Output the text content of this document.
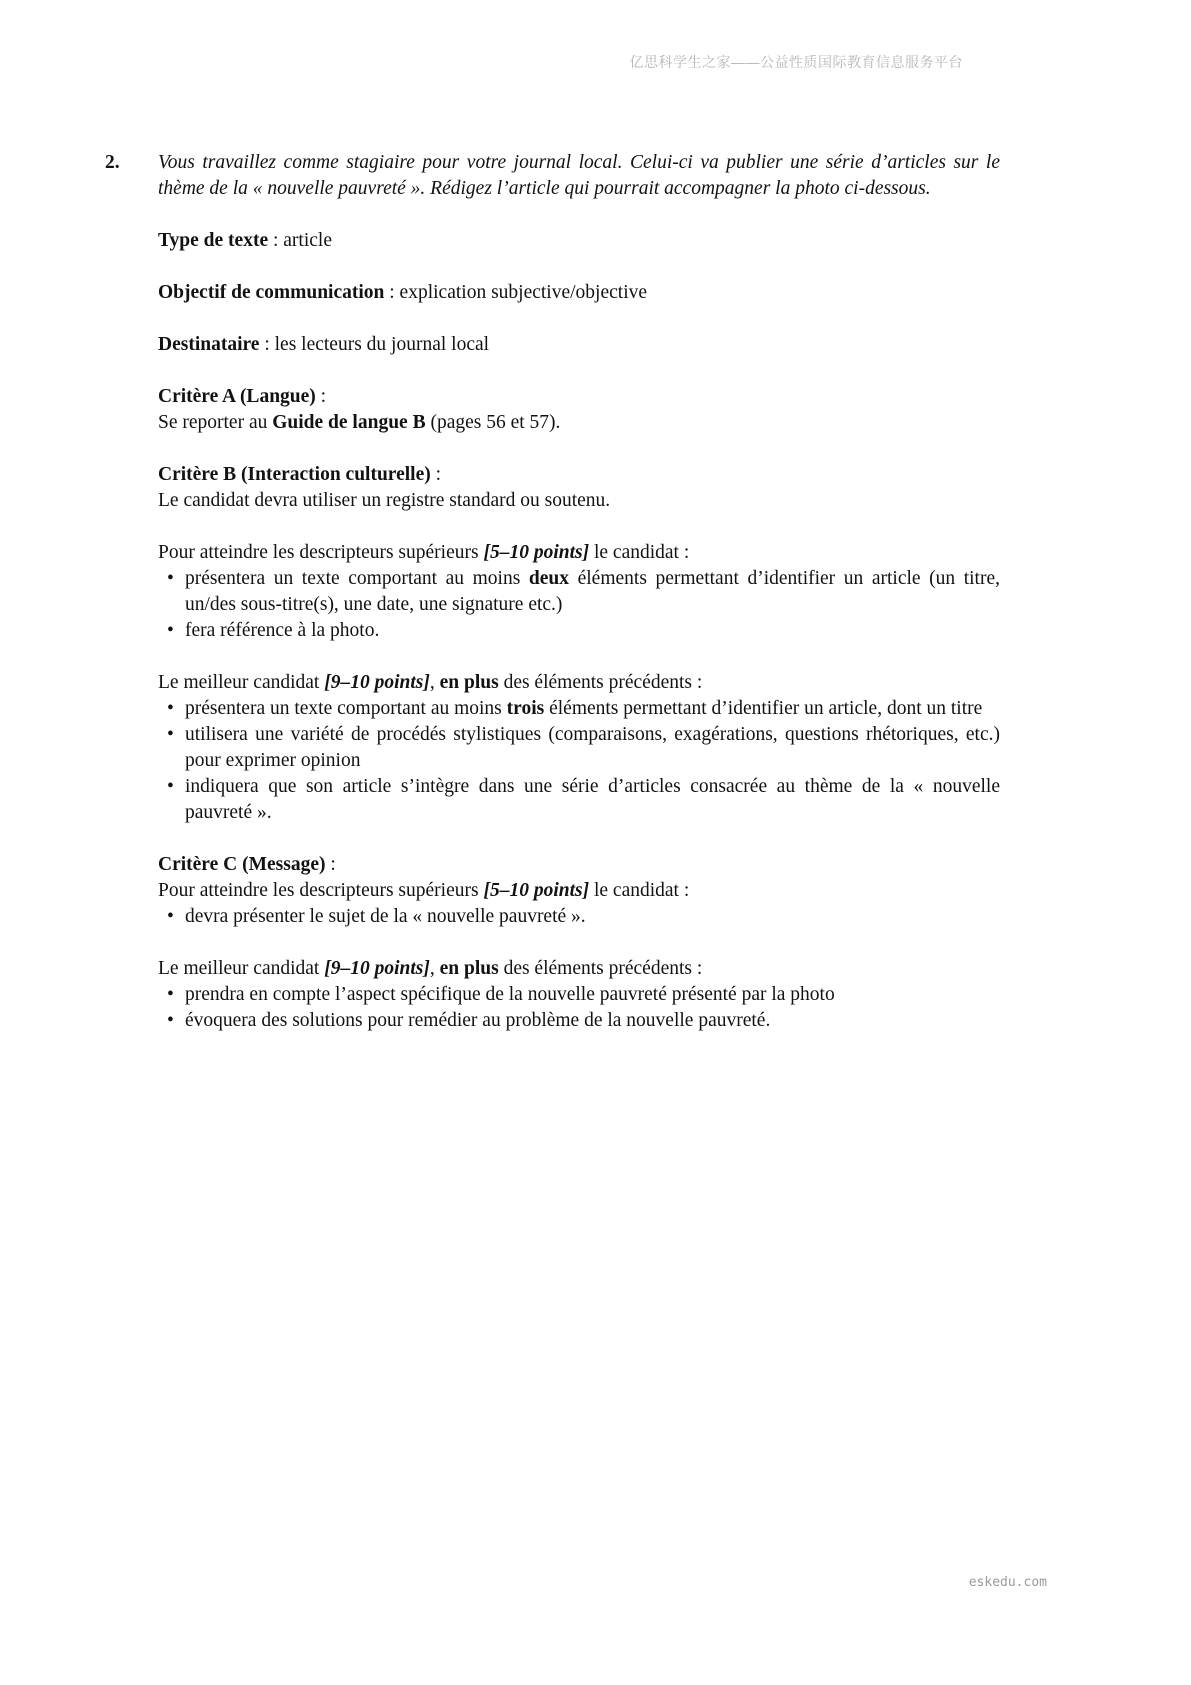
亿思科学生之家——公益性质国际教育信息服务平台
2.	Vous travaillez comme stagiaire pour votre journal local. Celui-ci va publier une série d’articles sur le thème de la « nouvelle pauvreté ». Rédigez l’article qui pourrait accompagner la photo ci-dessous.

Type de texte : article

Objectif de communication : explication subjective/objective

Destinataire : les lecteurs du journal local

Critère A (Langue) :

Se reporter au Guide de langue B (pages 56 et 57).

Critère B (Interaction culturelle) :

Le candidat devra utiliser un registre standard ou soutenu.

Pour atteindre les descripteurs supérieurs [5–10 points] le candidat :

• présentera un texte comportant au moins deux éléments permettant d’identifier un article (un titre, un/des sous-titre(s), une date, une signature etc.)
• fera référence à la photo.

Le meilleur candidat [9–10 points], en plus des éléments précédents :

• présentera un texte comportant au moins trois éléments permettant d’identifier un article, dont un titre
• utilisera une variété de procédés stylistiques (comparaisons, exagérations, questions rhétoriques, etc.) pour exprimer opinion
• indiquera que son article s’intègre dans une série d’articles consacrée au thème de la « nouvelle pauvreté ».

Critère C (Message) :

Pour atteindre les descripteurs supérieurs [5–10 points] le candidat :

• devra présenter le sujet de la « nouvelle pauvreté ».

Le meilleur candidat [9–10 points], en plus des éléments précédents :

• prendra en compte l’aspect spécifique de la nouvelle pauvreté présenté par la photo
• évoquera des solutions pour remédier au problème de la nouvelle pauvreté.
eskedu.com
